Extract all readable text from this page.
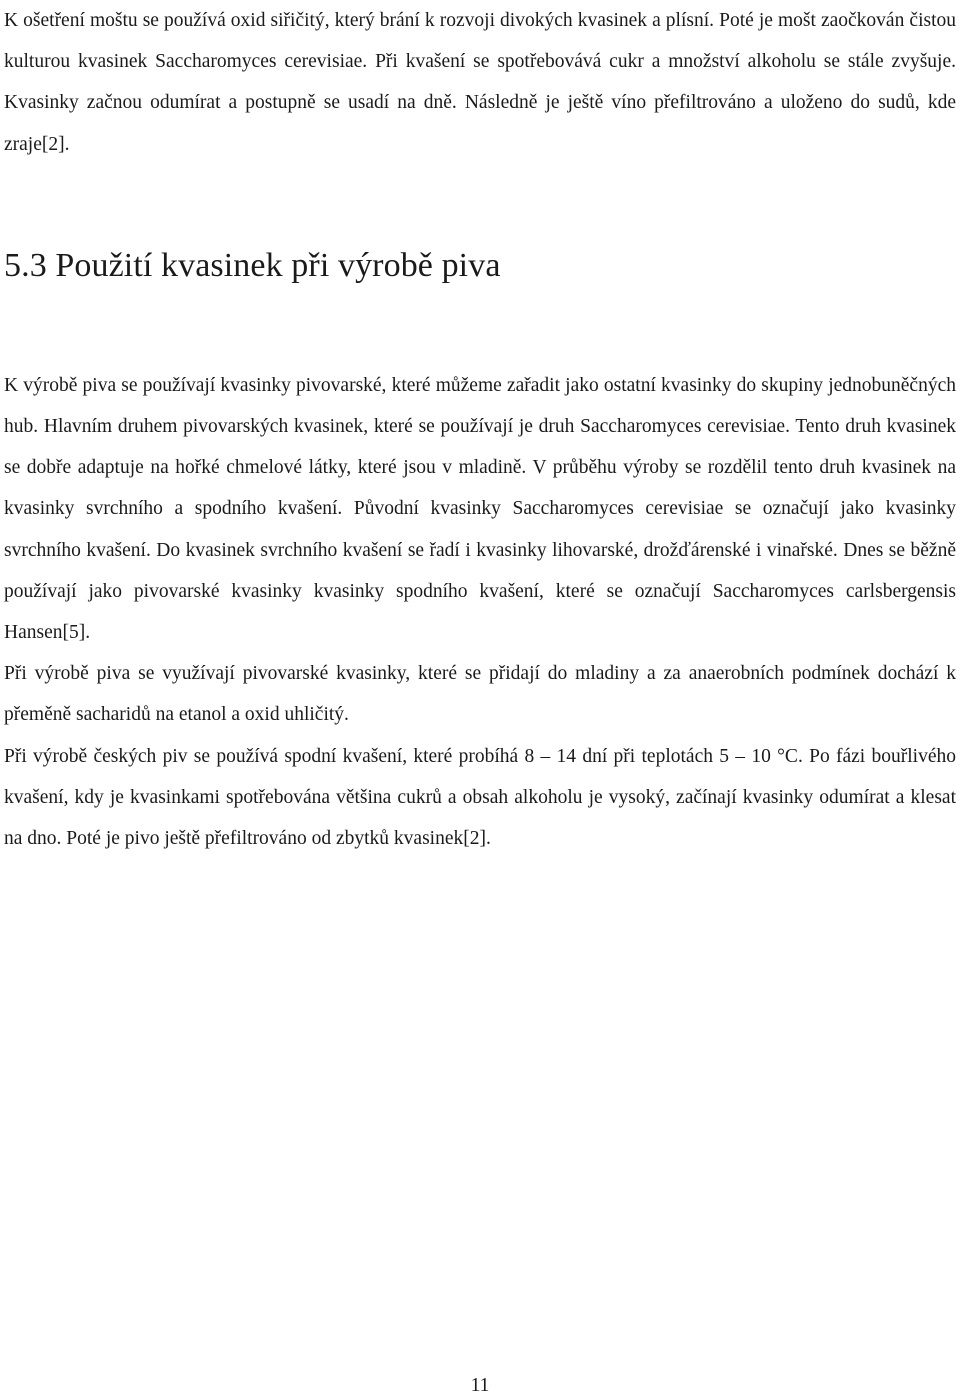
K ošetření moštu se používá oxid siřičitý, který brání k rozvoji divokých kvasinek a plísní. Poté je mošt zaočkován čistou kulturou kvasinek Saccharomyces cerevisiae. Při kvašení se spotřebovává cukr a množství alkoholu se stále zvyšuje. Kvasinky začnou odumírat a postupně se usadí na dně. Následně je ještě víno přefiltrováno a uloženo do sudů, kde zraje[2].

5.3 Použití kvasinek při výrobě piva

K výrobě piva se používají kvasinky pivovarské, které můžeme zařadit jako ostatní kvasinky do skupiny jednobuněčných hub. Hlavním druhem pivovarských kvasinek, které se používají je druh Saccharomyces cerevisiae. Tento druh kvasinek se dobře adaptuje na hořké chmelové látky, které jsou v mladině. V průběhu výroby se rozdělil tento druh kvasinek na kvasinky svrchního a spodního kvašení. Původní kvasinky Saccharomyces cerevisiae se označují jako kvasinky svrchního kvašení. Do kvasinek svrchního kvašení se řadí i kvasinky lihovarské, drožďárenské i vinařské. Dnes se běžně používají jako pivovarské kvasinky kvasinky spodního kvašení, které se označují Saccharomyces carlsbergensis Hansen[5].

Při výrobě piva se využívají pivovarské kvasinky, které se přidají do mladiny a za anaerobních podmínek dochází k přeměně sacharidů na etanol a oxid uhličitý.

Při výrobě českých piv se používá spodní kvašení, které probíhá 8 – 14 dní při teplotách 5 – 10 °C. Po fázi bouřlivého kvašení, kdy je kvasinkami spotřebována většina cukrů a obsah alkoholu je vysoký, začínají kvasinky odumírat a klesat na dno. Poté je pivo ještě přefiltrováno od zbytků kvasinek[2].

11
